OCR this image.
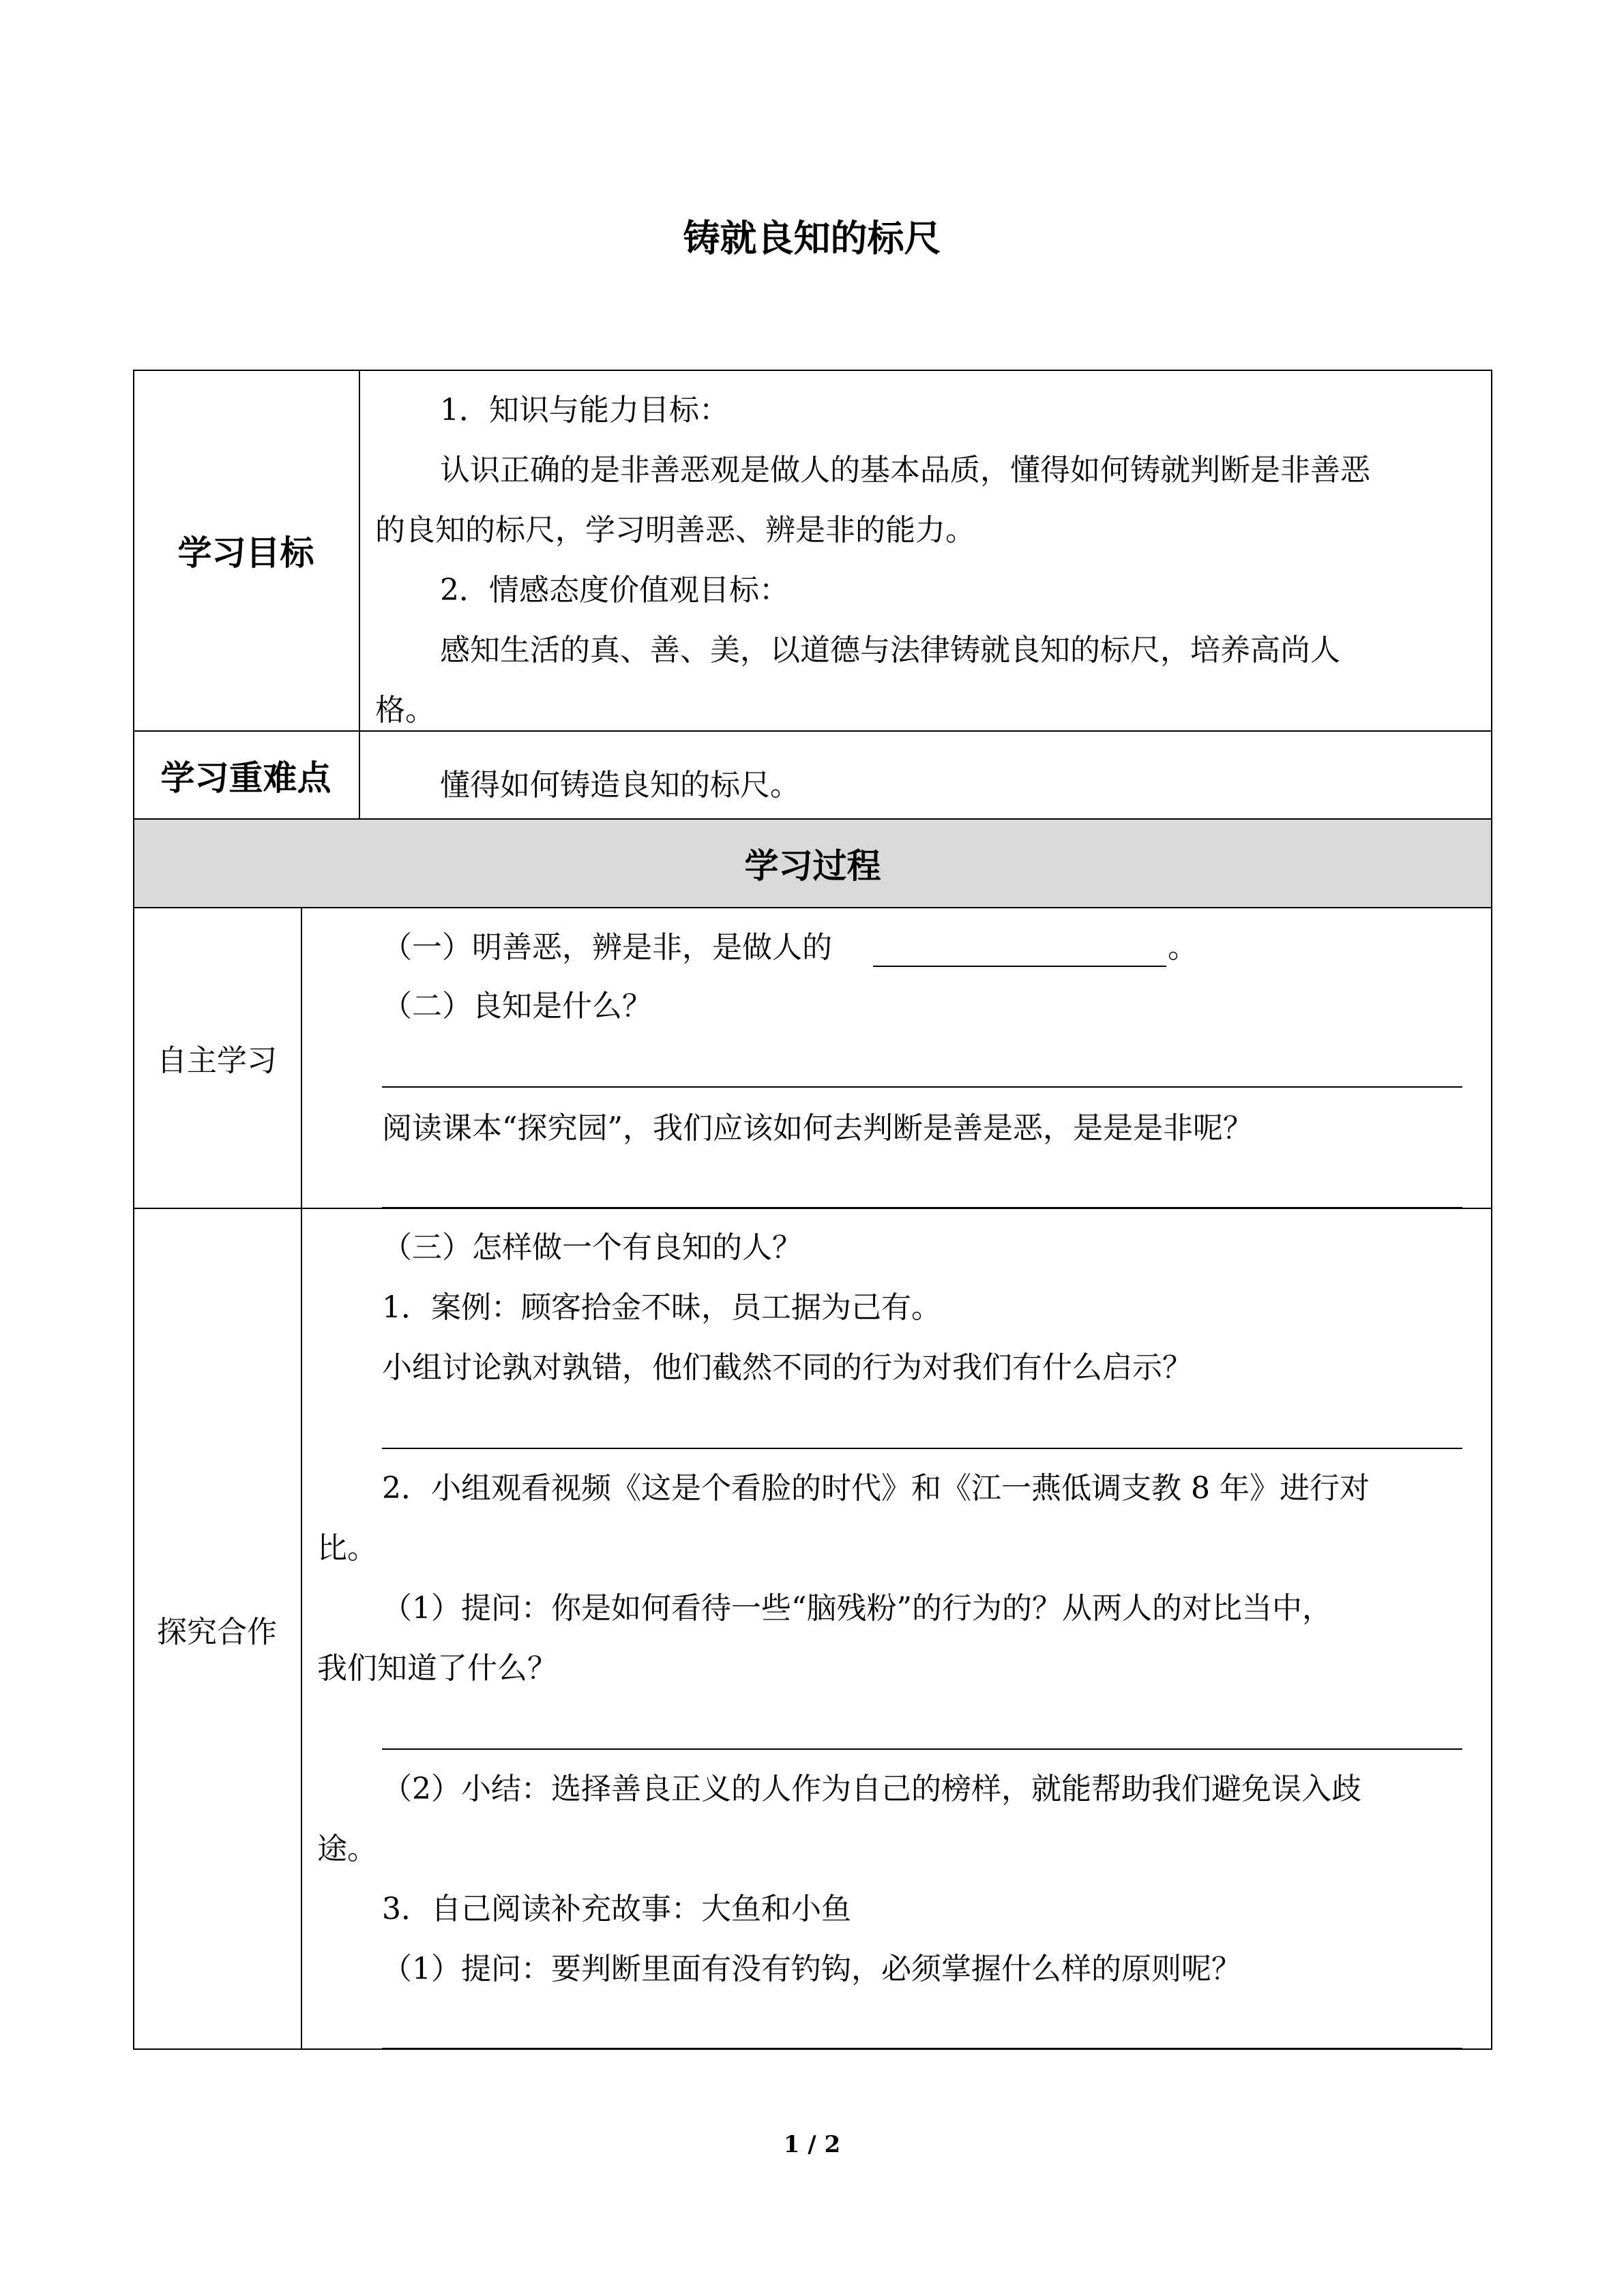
铸就良知的标尺
学习目标
1．知识与能力目标：
认识正确的是非善恶观是做人的基本品质，懂得如何铸就判断是非善恶
的良知的标尺，学习明善恶、辨是非的能力。
2．情感态度价值观目标：
感知生活的真、善、美，以道德与法律铸就良知的标尺，培养高尚人
格。
学习重难点	懂得如何铸造良知的标尺。
学习过程
自主学习
（一）明善恶，辨是非，是做人的	。
（二）良知是什么？
阅读课本“探究园”，我们应该如何去判断是善是恶，是是是非呢？
探究合作
（三）怎样做一个有良知的人？
1．案例：顾客拾金不昧，员工据为己有。
小组讨论孰对孰错，他们截然不同的行为对我们有什么启示？
2．小组观看视频《这是个看脸的时代》和《江一燕低调支教 8 年》进行对
比。
（1）提问：你是如何看待一些“脑残粉”的行为的？从两人的对比当中，
我们知道了什么？
（2）小结：选择善良正义的人作为自己的榜样，就能帮助我们避免误入歧
途。
3．自己阅读补充故事：大鱼和小鱼
（1）提问：要判断里面有没有钓钩，必须掌握什么样的原则呢？
1 / 2
